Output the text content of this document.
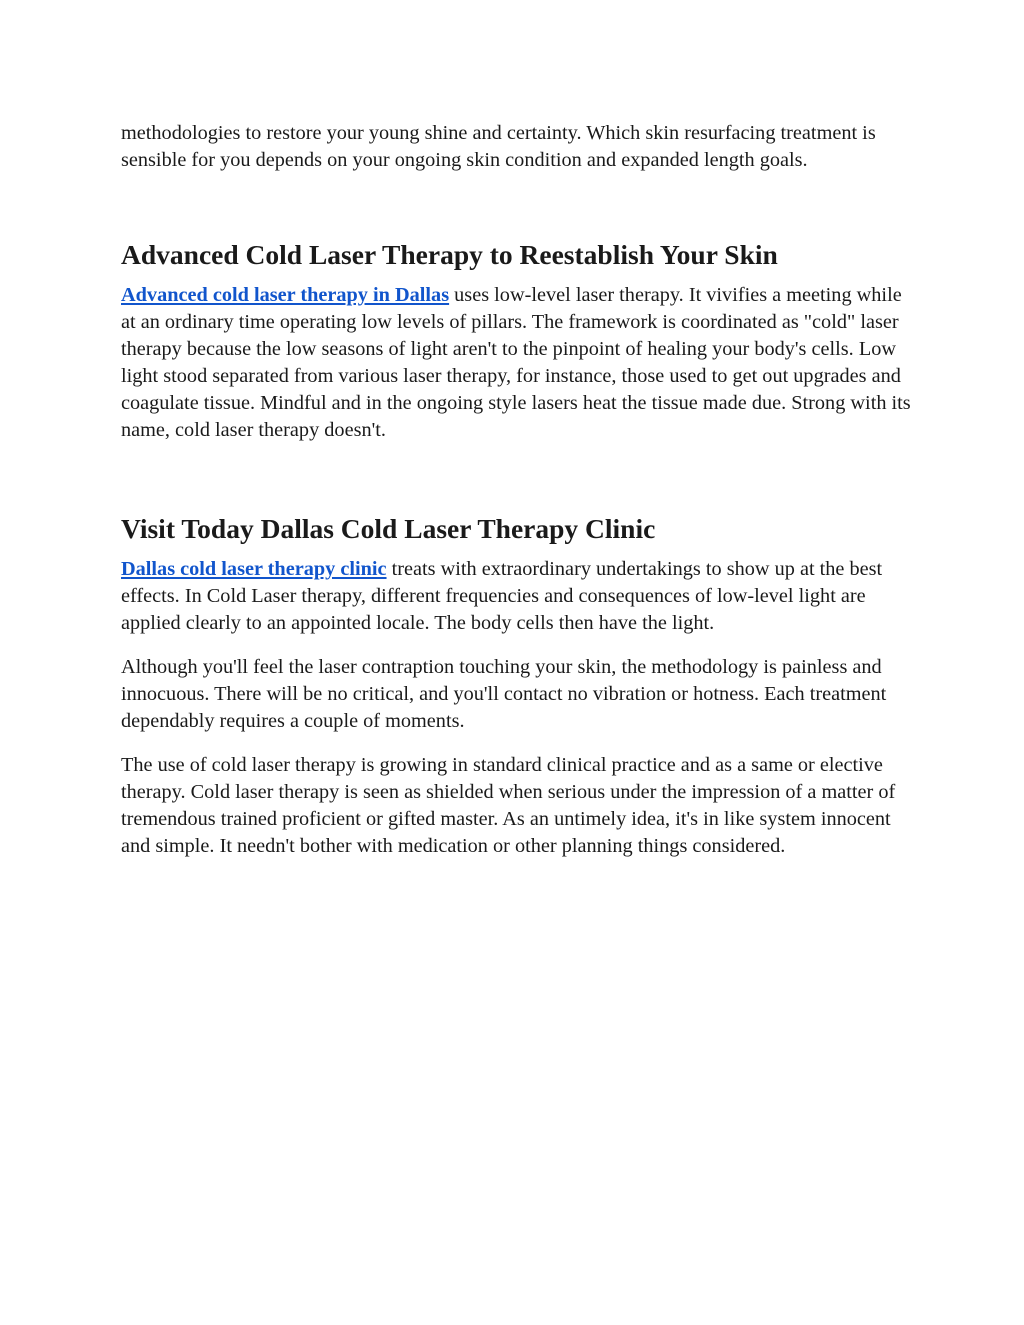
methodologies to restore your young shine and certainty. Which skin resurfacing treatment is sensible for you depends on your ongoing skin condition and expanded length goals.

Advanced Cold Laser Therapy to Reestablish Your Skin

Advanced cold laser therapy in Dallas uses low-level laser therapy. It vivifies a meeting while at an ordinary time operating low levels of pillars. The framework is coordinated as "cold" laser therapy because the low seasons of light aren't to the pinpoint of healing your body's cells. Low light stood separated from various laser therapy, for instance, those used to get out upgrades and coagulate tissue. Mindful and in the ongoing style lasers heat the tissue made due. Strong with its name, cold laser therapy doesn't.

Visit Today Dallas Cold Laser Therapy Clinic

Dallas cold laser therapy clinic treats with extraordinary undertakings to show up at the best effects. In Cold Laser therapy, different frequencies and consequences of low-level light are applied clearly to an appointed locale. The body cells then have the light.

Although you'll feel the laser contraption touching your skin, the methodology is painless and innocuous. There will be no critical, and you'll contact no vibration or hotness. Each treatment dependably requires a couple of moments.

The use of cold laser therapy is growing in standard clinical practice and as a same or elective therapy. Cold laser therapy is seen as shielded when serious under the impression of a matter of tremendous trained proficient or gifted master. As an untimely idea, it's in like system innocent and simple. It needn't bother with medication or other planning things considered.
